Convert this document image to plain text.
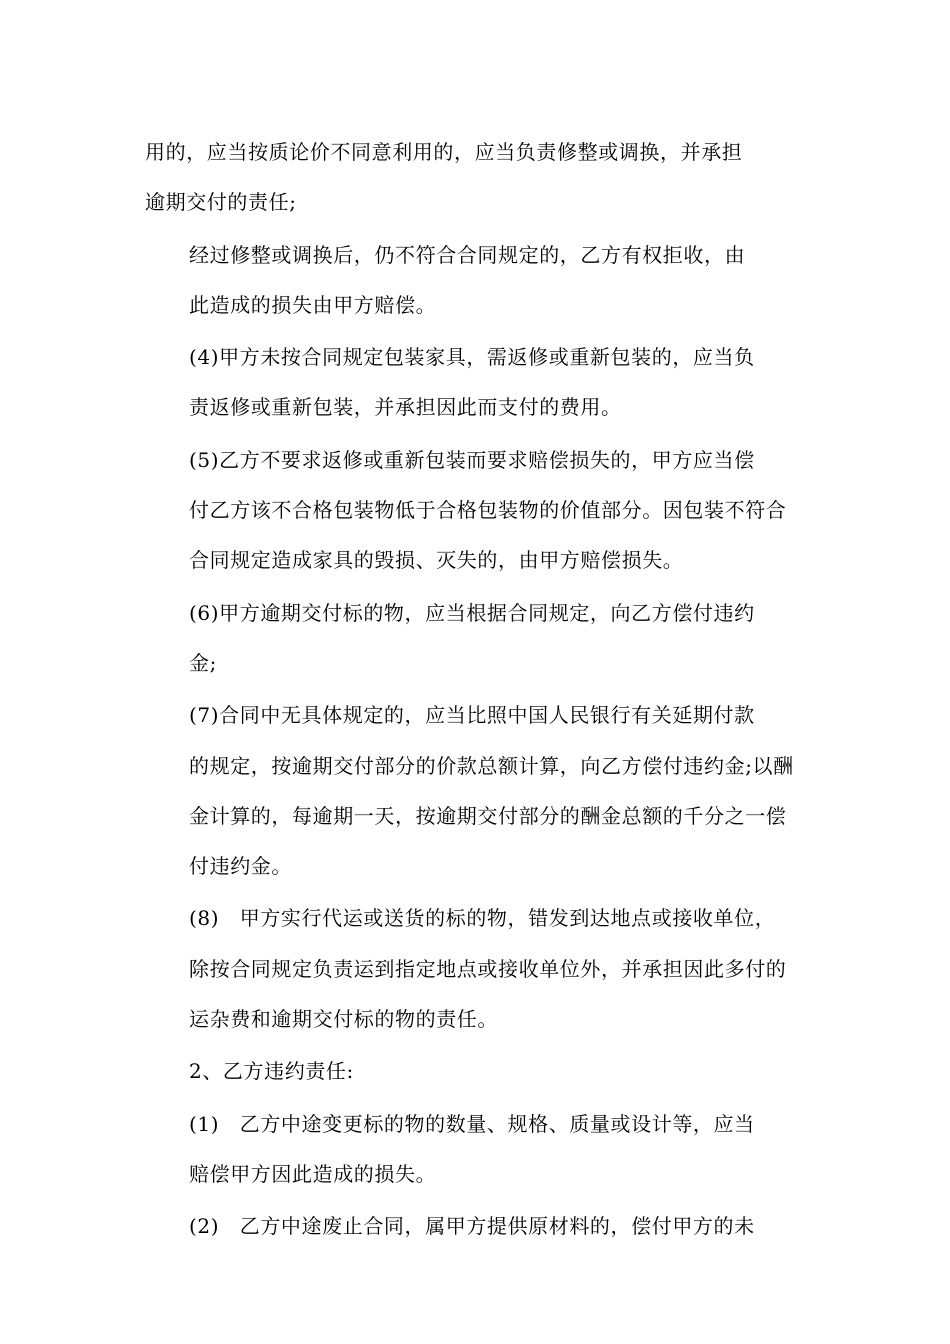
用的，应当按质论价不同意利用的，应当负责修整或调换，并承担
逾期交付的责任;

经过修整或调换后，仍不符合合同规定的，乙方有权拒收，由
此造成的损失由甲方赔偿。

(4)甲方未按合同规定包装家具，需返修或重新包装的，应当负
责返修或重新包装，并承担因此而支付的费用。

(5)乙方不要求返修或重新包装而要求赔偿损失的，甲方应当偿
付乙方该不合格包装物低于合格包装物的价值部分。因包装不符合
合同规定造成家具的毁损、灭失的，由甲方赔偿损失。

(6)甲方逾期交付标的物，应当根据合同规定，向乙方偿付违约
金;

(7)合同中无具体规定的，应当比照中国人民银行有关延期付款
的规定，按逾期交付部分的价款总额计算，向乙方偿付违约金;以酬
金计算的，每逾期一天，按逾期交付部分的酬金总额的千分之一偿
付违约金。

(8)　甲方实行代运或送货的标的物，错发到达地点或接收单位，
除按合同规定负责运到指定地点或接收单位外，并承担因此多付的
运杂费和逾期交付标的物的责任。

2、乙方违约责任:

(1)　乙方中途变更标的物的数量、规格、质量或设计等，应当
赔偿甲方因此造成的损失。

(2)　乙方中途废止合同，属甲方提供原材料的，偿付甲方的未
